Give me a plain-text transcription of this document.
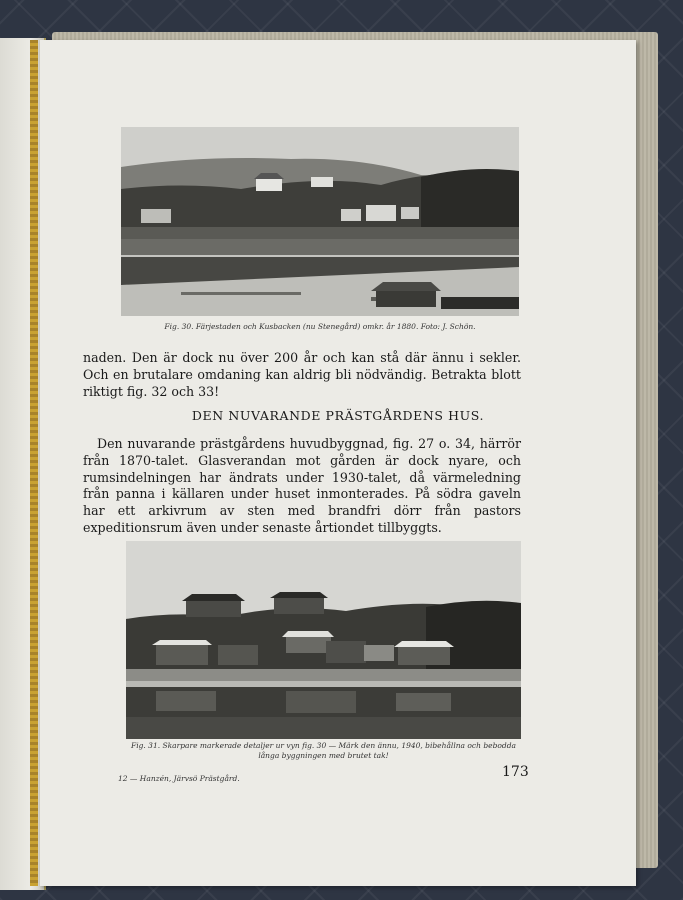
Fig. 30. Färjestaden och Kusbacken (nu Stenegård) omkr. år 1880. Foto: J. Schön.
naden. Den är dock nu över 200 år och kan stå där ännu i sekler. Och en brutalare omdaning kan aldrig bli nödvändig. Betrakta blott riktigt fig. 32 och 33!
DEN NUVARANDE PRÄSTGÅRDENS HUS.
Den nuvarande prästgårdens huvudbyggnad, fig. 27 o. 34, härrör från 1870-talet. Glasverandan mot gården är dock nyare, och rumsindelningen har ändrats under 1930-talet, då värmeledning från panna i källaren under huset inmonterades. På södra gaveln har ett arkivrum av sten med brandfri dörr från pastors expeditionsrum även under senaste årtiondet tillbyggts.
Fig. 31. Skarpare markerade detaljer ur vyn fig. 30 — Märk den ännu, 1940, bibehållna och bebodda
långa byggningen med brutet tak!
12 — Hanzén, Järvsö Prästgård.	173
